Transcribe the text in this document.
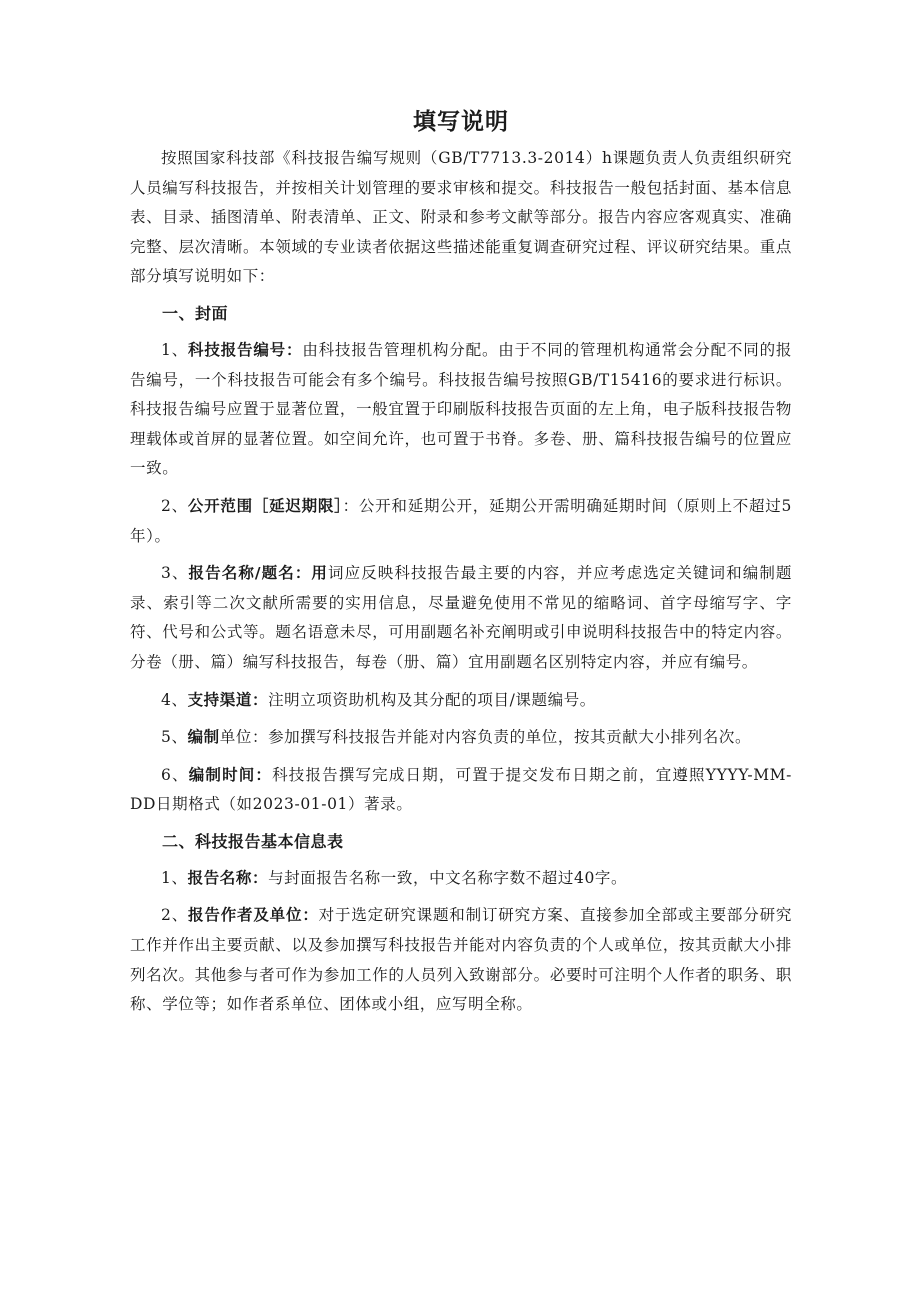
填写说明

按照国家科技部《科技报告编写规则（GB/T7713.3-2014）h课题负责人负责组织研究人员编写科技报告，并按相关计划管理的要求审核和提交。科技报告一般包括封面、基本信息表、目录、插图清单、附表清单、正文、附录和参考文献等部分。报告内容应客观真实、准确完整、层次清晰。本领域的专业读者依据这些描述能重复调查研究过程、评议研究结果。重点部分填写说明如下：

一、封面

1、科技报告编号：由科技报告管理机构分配。由于不同的管理机构通常会分配不同的报告编号，一个科技报告可能会有多个编号。科技报告编号按照GB/T15416的要求进行标识。科技报告编号应置于显著位置，一般宜置于印刷版科技报告页面的左上角，电子版科技报告物理载体或首屏的显著位置。如空间允许，也可置于书脊。多卷、册、篇科技报告编号的位置应一致。

2、公开范围［延迟期限］：公开和延期公开，延期公开需明确延期时间（原则上不超过5年）。

3、报告名称/题名：用词应反映科技报告最主要的内容，并应考虑选定关键词和编制题录、索引等二次文献所需要的实用信息，尽量避免使用不常见的缩略词、首字母缩写字、字符、代号和公式等。题名语意未尽，可用副题名补充阐明或引申说明科技报告中的特定内容。分卷（册、篇）编写科技报告，每卷（册、篇）宜用副题名区别特定内容，并应有编号。

4、支持渠道：注明立项资助机构及其分配的项目/课题编号。

5、编制单位：参加撰写科技报告并能对内容负责的单位，按其贡献大小排列名次。

6、编制时间：科技报告撰写完成日期，可置于提交发布日期之前，宜遵照YYYY-MM-DD日期格式（如2023-01-01）著录。

二、科技报告基本信息表

1、报告名称：与封面报告名称一致，中文名称字数不超过40字。

2、报告作者及单位：对于选定研究课题和制订研究方案、直接参加全部或主要部分研究工作并作出主要贡献、以及参加撰写科技报告并能对内容负责的个人或单位，按其贡献大小排列名次。其他参与者可作为参加工作的人员列入致谢部分。必要时可注明个人作者的职务、职称、学位等；如作者系单位、团体或小组，应写明全称。
